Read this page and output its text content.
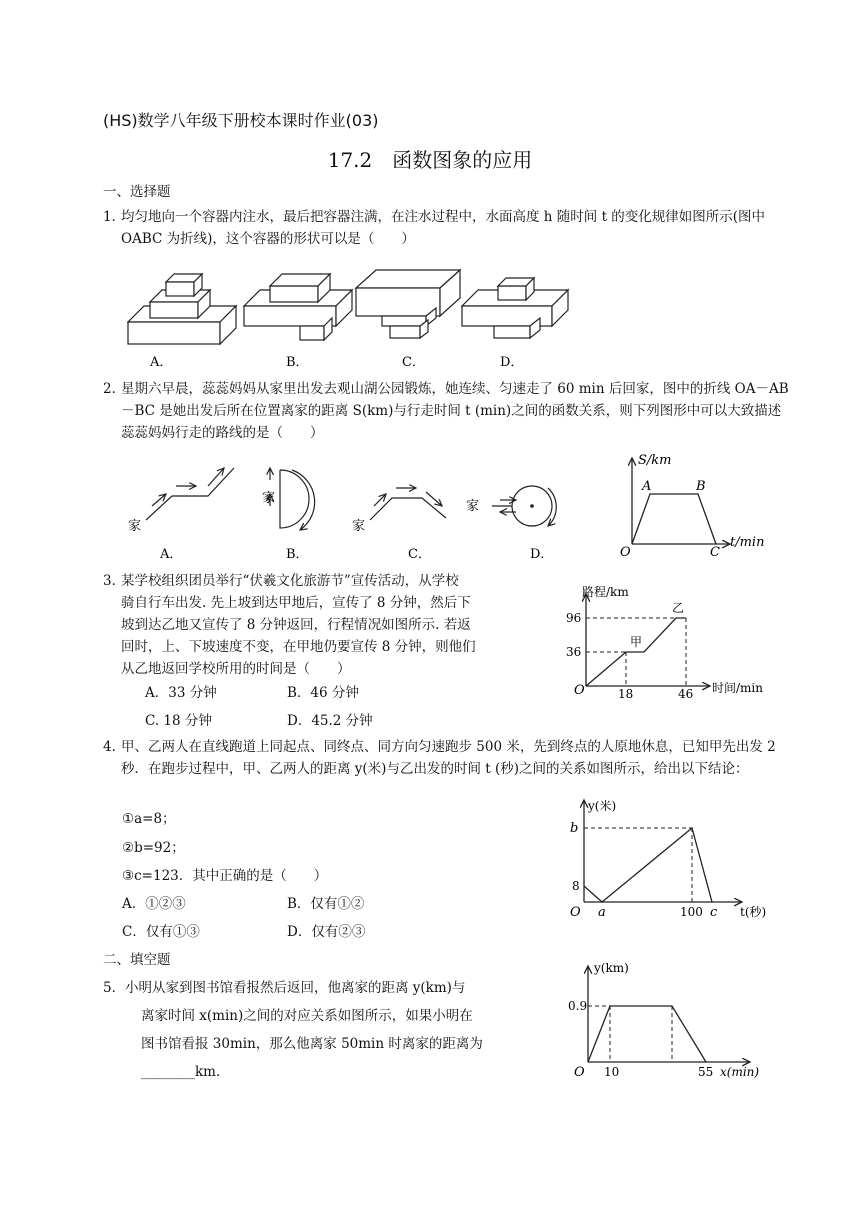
(HS)数学八年级下册校本课时作业(03)
17.2　函数图象的应用
一、选择题
1．
均匀地向一个容器内注水，最后把容器注满，在注水过程中，水面高度 h 随时间 t 的变化规律如图所示(图中 OABC 为折线)，这个容器的形状可以是（　　）
A．	B．	C．	D．
2．
星期六早晨，蕊蕊妈妈从家里出发去观山湖公园锻炼，她连续、匀速走了 60 min 后回家，图中的折线 OA－AB－BC 是她出发后所在位置离家的距离 S(km)与行走时间 t (min)之间的函数关系，则下列图形中可以大致描述蕊蕊妈妈行走的路线的是（　　）
家
家
家
家
A．	B．	C．	D．
S/km
A	B
O	C
t/min
3．
某学校组织团员举行“伏羲文化旅游节”宣传活动，从学校
骑自行车出发. 先上坡到达甲地后，宣传了 8 分钟，然后下
坡到达乙地又宣传了 8 分钟返回，行程情况如图所示. 若返
回时，上、下坡速度不变，在甲地仍要宣传 8 分钟，则他们
从乙地返回学校所用的时间是（　　）
A．33 分钟	B．46 分钟
C. 18 分钟	D．45.2 分钟
路程/km
96
36
甲
乙
O	18	46 时间/min
4．
甲、乙两人在直线跑道上同起点、同终点、同方向匀速跑步 500 米，先到终点的人原地休息，已知甲先出发 2 秒．在跑步过程中，甲、乙两人的距离 y(米)与乙出发的时间 t (秒)之间的关系如图所示，给出以下结论：
①a=8；
②b=92；
③c=123．其中正确的是（　　）
A．①②③	B．仅有①②
C．仅有①③	D．仅有②③
y(米)
b
8
O a	100 c t(秒)
二、填空题
5． 小明从家到图书馆看报然后返回，他离家的距离 y(km)与
离家时间 x(min)之间的对应关系如图所示，如果小明在
图书馆看报 30min，那么他离家 50min 时离家的距离为
________km．
y(km)
0.9
O 10	55 x(min)
